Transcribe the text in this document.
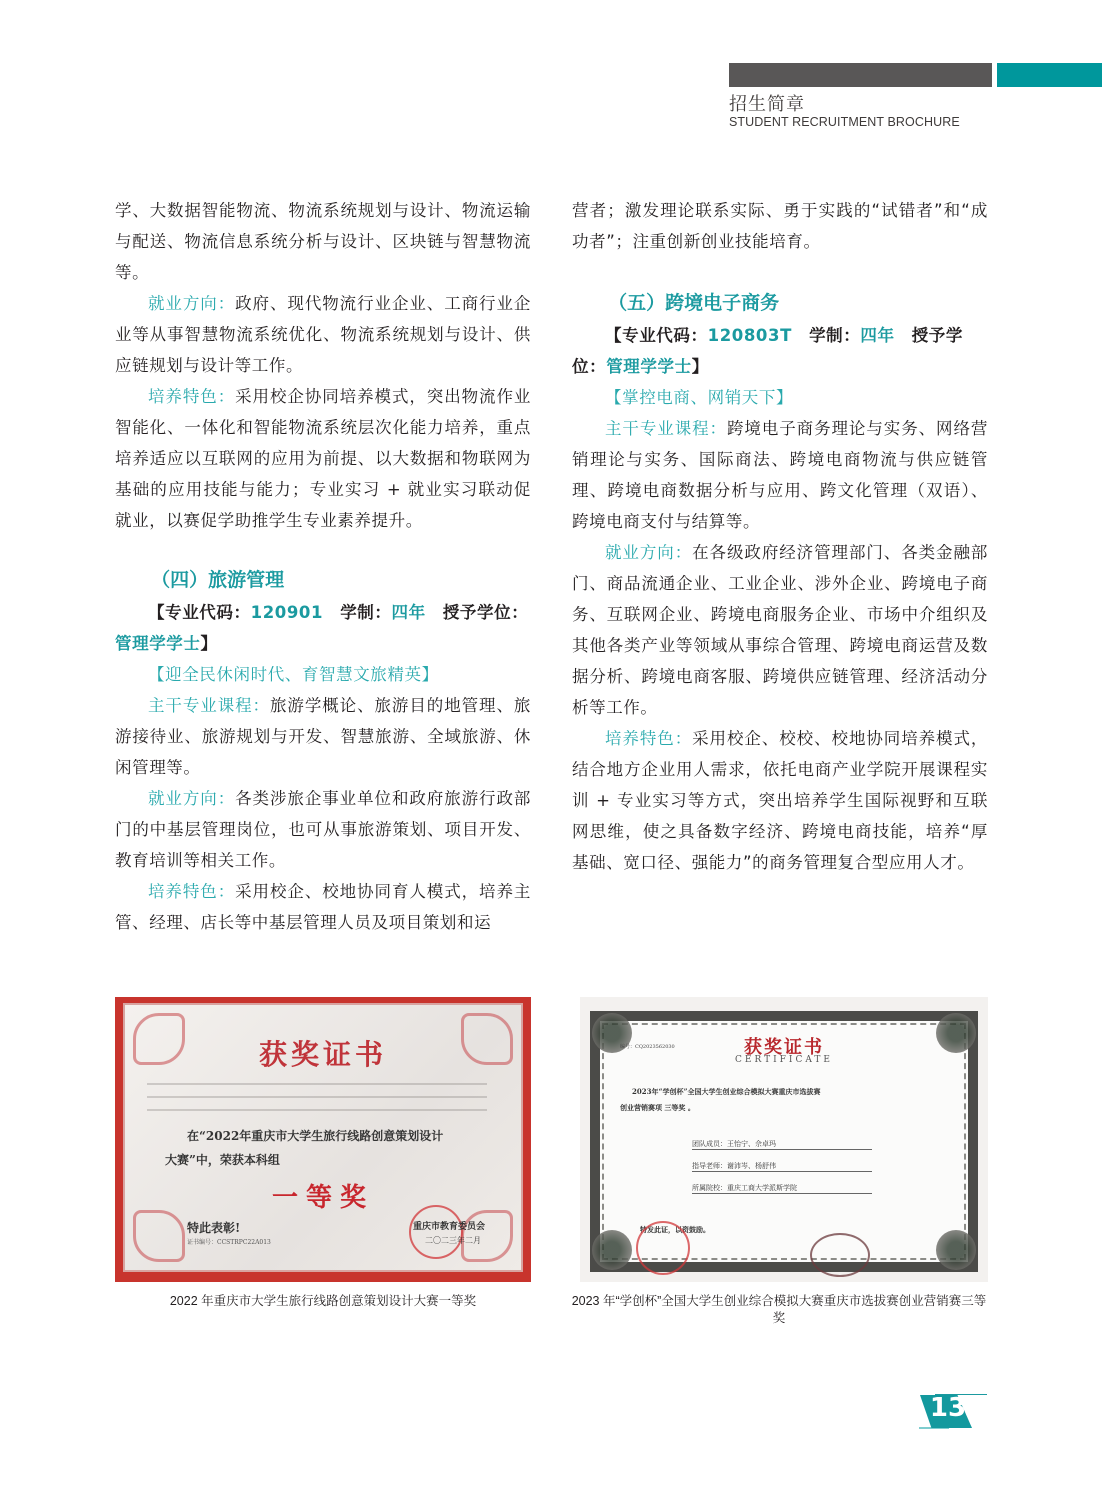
招生简章
STUDENT RECRUITMENT BROCHURE

学、大数据智能物流、物流系统规划与设计、物流运输与配送、物流信息系统分析与设计、区块链与智慧物流等。

就业方向：政府、现代物流行业企业、工商行业企业等从事智慧物流系统优化、物流系统规划与设计、供应链规划与设计等工作。

培养特色：采用校企协同培养模式，突出物流作业智能化、一体化和智能物流系统层次化能力培养，重点培养适应以互联网的应用为前提、以大数据和物联网为基础的应用技能与能力；专业实习 + 就业实习联动促就业，以赛促学助推学生专业素养提升。

（四）旅游管理

【专业代码：120901  学制：四年  授予学位：管理学学士】

【迎全民休闲时代、育智慧文旅精英】

主干专业课程：旅游学概论、旅游目的地管理、旅游接待业、旅游规划与开发、智慧旅游、全域旅游、休闲管理等。

就业方向：各类涉旅企事业单位和政府旅游行政部门的中基层管理岗位，也可从事旅游策划、项目开发、教育培训等相关工作。

培养特色：采用校企、校地协同育人模式，培养主管、经理、店长等中基层管理人员及项目策划和运

营者；激发理论联系实际、勇于实践的“试错者”和“成功者”；注重创新创业技能培育。

（五）跨境电子商务

【专业代码：120803T  学制：四年  授予学位：管理学学士】

【掌控电商、网销天下】

主干专业课程：跨境电子商务理论与实务、网络营销理论与实务、国际商法、跨境电商物流与供应链管理、跨境电商数据分析与应用、跨文化管理（双语）、跨境电商支付与结算等。

就业方向：在各级政府经济管理部门、各类金融部门、商品流通企业、工业企业、涉外企业、跨境电子商务、互联网企业、跨境电商服务企业、市场中介组织及其他各类产业等领域从事综合管理、跨境电商运营及数据分析、跨境电商客服、跨境供应链管理、经济活动分析等工作。

培养特色：采用校企、校校、校地协同培养模式，结合地方企业用人需求，依托电商产业学院开展课程实训 + 专业实习等方式，突出培养学生国际视野和互联网思维，使之具备数字经济、跨境电商技能，培养“厚基础、宽口径、强能力”的商务管理复合型应用人才。

获奖证书
在“2022年重庆市大学生旅行线路创意策划设计
大赛”中，荣获本科组
一等奖
特此表彰!
证书编号：CCSTRPC22A013
重庆市教育委员会
二〇二三年二月
编号：CQ2023562030	获奖证书
CERTIFICATE
2023年“学创杯”全国大学生创业综合模拟大赛重庆市选拔赛
创业营销赛项 三等奖 。
团队成员：王怡宁、佘卓玛
指导老师：谢沛岑、杨舒伟
所属院校：重庆工商大学派斯学院
特发此证，以资鼓励。
2022 年重庆市大学生旅行线路创意策划设计大赛一等奖	2023 年“学创杯”全国大学生创业综合模拟大赛重庆市选拔赛创业营销赛三等奖
13
